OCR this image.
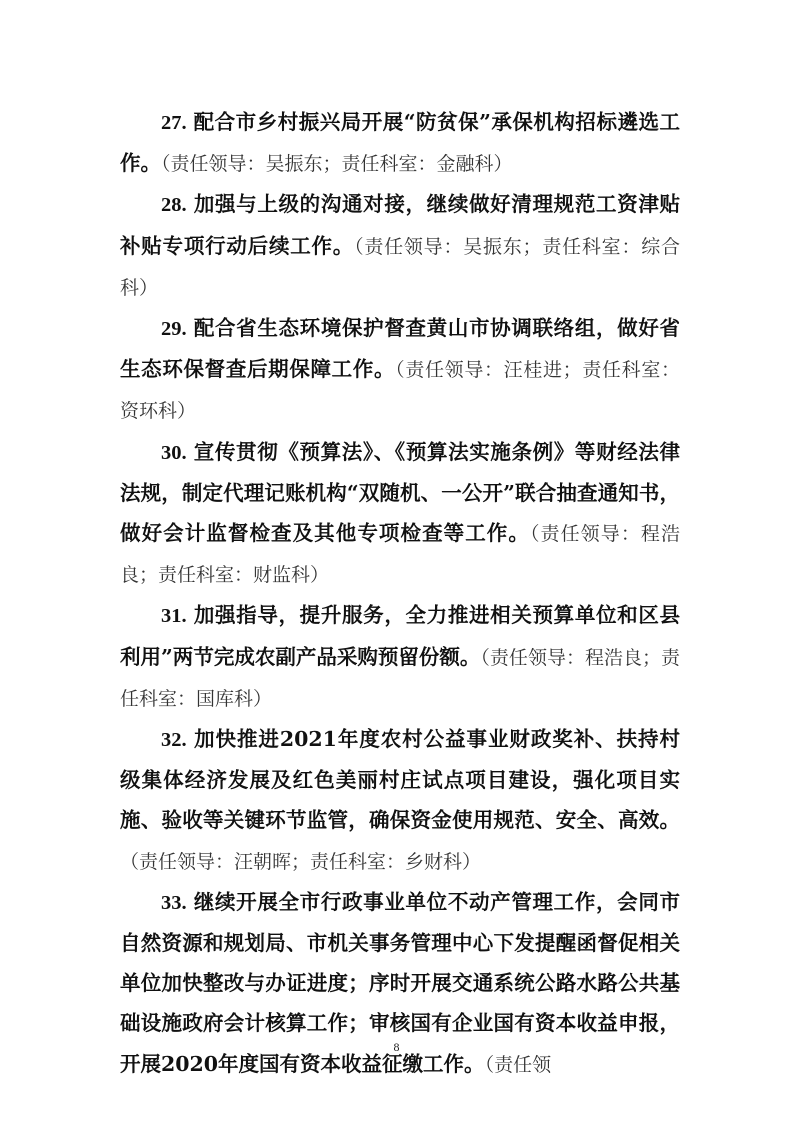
27. 配合市乡村振兴局开展“防贫保”承保机构招标遴选工作。（责任领导：吴振东；责任科室：金融科）

28. 加强与上级的沟通对接，继续做好清理规范工资津贴补贴专项行动后续工作。（责任领导：吴振东；责任科室：综合科）

29. 配合省生态环境保护督查黄山市协调联络组，做好省生态环保督查后期保障工作。（责任领导：汪桂进；责任科室：资环科）

30. 宣传贯彻《预算法》、《预算法实施条例》等财经法律法规，制定代理记账机构“双随机、一公开”联合抽查通知书，做好会计监督检查及其他专项检查等工作。（责任领导：程浩良；责任科室：财监科）

31. 加强指导，提升服务，全力推进相关预算单位和区县利用”两节完成农副产品采购预留份额。（责任领导：程浩良；责任科室：国库科）

32. 加快推进2021年度农村公益事业财政奖补、扶持村级集体经济发展及红色美丽村庄试点项目建设，强化项目实施、验收等关键环节监管，确保资金使用规范、安全、高效。（责任领导：汪朝晖；责任科室：乡财科）

33. 继续开展全市行政事业单位不动产管理工作，会同市自然资源和规划局、市机关事务管理中心下发提醒函督促相关单位加快整改与办证进度；序时开展交通系统公路水路公共基础设施政府会计核算工作；审核国有企业国有资本收益申报，开展2020年度国有资本收益征缴工作。（责任领

8
